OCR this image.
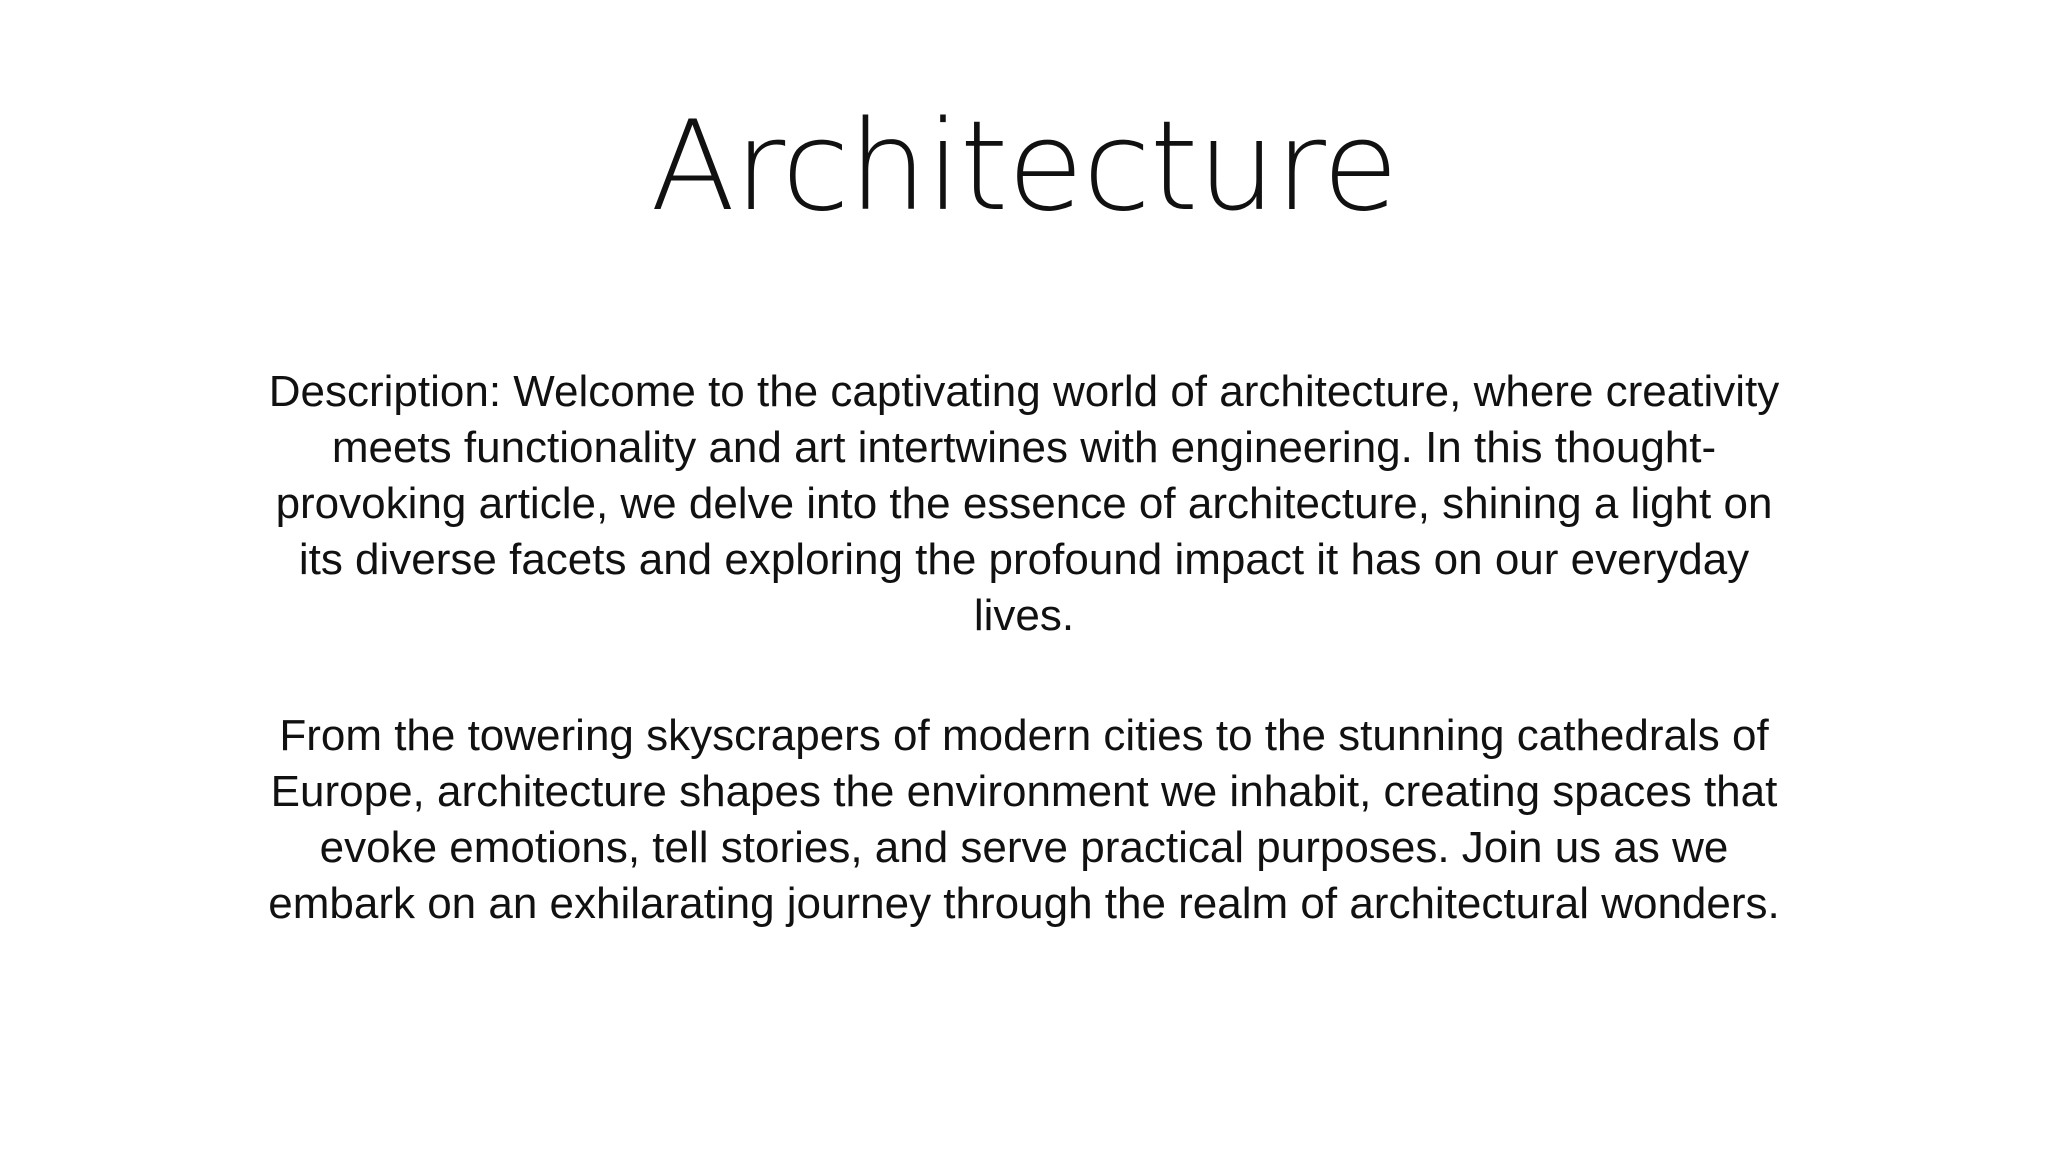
Architecture

Description: Welcome to the captivating world of architecture, where creativity meets functionality and art intertwines with engineering. In this thought-provoking article, we delve into the essence of architecture, shining a light on its diverse facets and exploring the profound impact it has on our everyday lives.

From the towering skyscrapers of modern cities to the stunning cathedrals of Europe, architecture shapes the environment we inhabit, creating spaces that evoke emotions, tell stories, and serve practical purposes. Join us as we embark on an exhilarating journey through the realm of architectural wonders.
